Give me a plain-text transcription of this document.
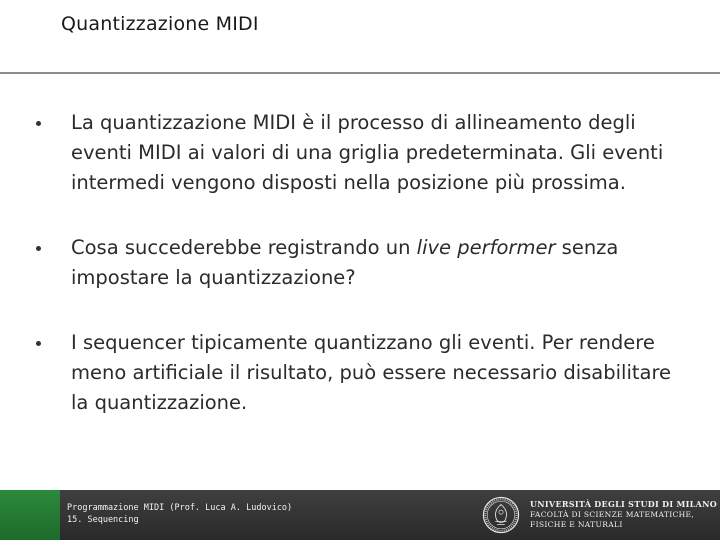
Quantizzazione MIDI
La quantizzazione MIDI è il processo di allineamento degli eventi MIDI ai valori di una griglia predeterminata. Gli eventi intermedi vengono disposti nella posizione più prossima.
Cosa succederebbe registrando un live performer senza impostare la quantizzazione?
I sequencer tipicamente quantizzano gli eventi. Per rendere meno artificiale il risultato, può essere necessario disabilitare la quantizzazione.
Programmazione MIDI (Prof. Luca A. Ludovico)
15. Sequencing
UNIVERSITÀ DEGLI STUDI DI MILANO
FACOLTÀ DI SCIENZE MATEMATICHE,
FISICHE E NATURALI
